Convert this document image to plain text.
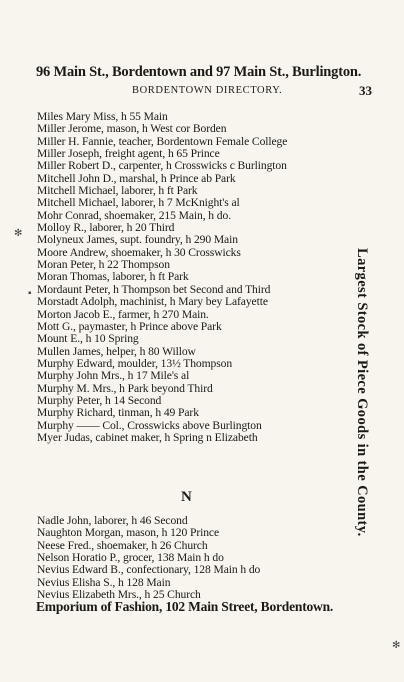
96 Main St., Bordentown and 97 Main St., Burlington.
BORDENTOWN DIRECTORY.	33
Miles Mary Miss, h 55 Main
Miller Jerome, mason, h West cor Borden
Miller H. Fannie, teacher, Bordentown Female College
Miller Joseph, freight agent, h 65 Prince
Miller Robert D., carpenter, h Crosswicks c Burlington
Mitchell John D., marshal, h Prince ab Park
Mitchell Michael, laborer, h ft Park
Mitchell Michael, laborer, h 7 McKnight's al
Mohr Conrad, shoemaker, 215 Main, h do.
Molloy R., laborer, h 20 Third
Molyneux James, supt. foundry, h 290 Main
Moore Andrew, shoemaker, h 30 Crosswicks
Moran Peter, h 22 Thompson
Moran Thomas, laborer, h ft Park
Mordaunt Peter, h Thompson bet Second and Third
Morstadt Adolph, machinist, h Mary bey Lafayette
Morton Jacob E., farmer, h 270 Main.
Mott G., paymaster, h Prince above Park
Mount E., h 10 Spring
Mullen James, helper, h 80 Willow
Murphy Edward, moulder, 13½ Thompson
Murphy John Mrs., h 17 Mile's al
Murphy M. Mrs., h Park beyond Third
Murphy Peter, h 14 Second
Murphy Richard, tinman, h 49 Park
Murphy —— Col., Crosswicks above Burlington
Myer Judas, cabinet maker, h Spring n Elizabeth
N
Nadle John, laborer, h 46 Second
Naughton Morgan, mason, h 120 Prince
Neese Fred., shoemaker, h 26 Church
Nelson Horatio P., grocer, 138 Main h do
Nevius Edward B., confectionary, 128 Main h do
Nevius Elisha S., h 128 Main
Nevius Elizabeth Mrs., h 25 Church
Emporium of Fashion, 102 Main Street, Bordentown.
Largest Stock of Piece Goods in the County.
✻
▪
✻
